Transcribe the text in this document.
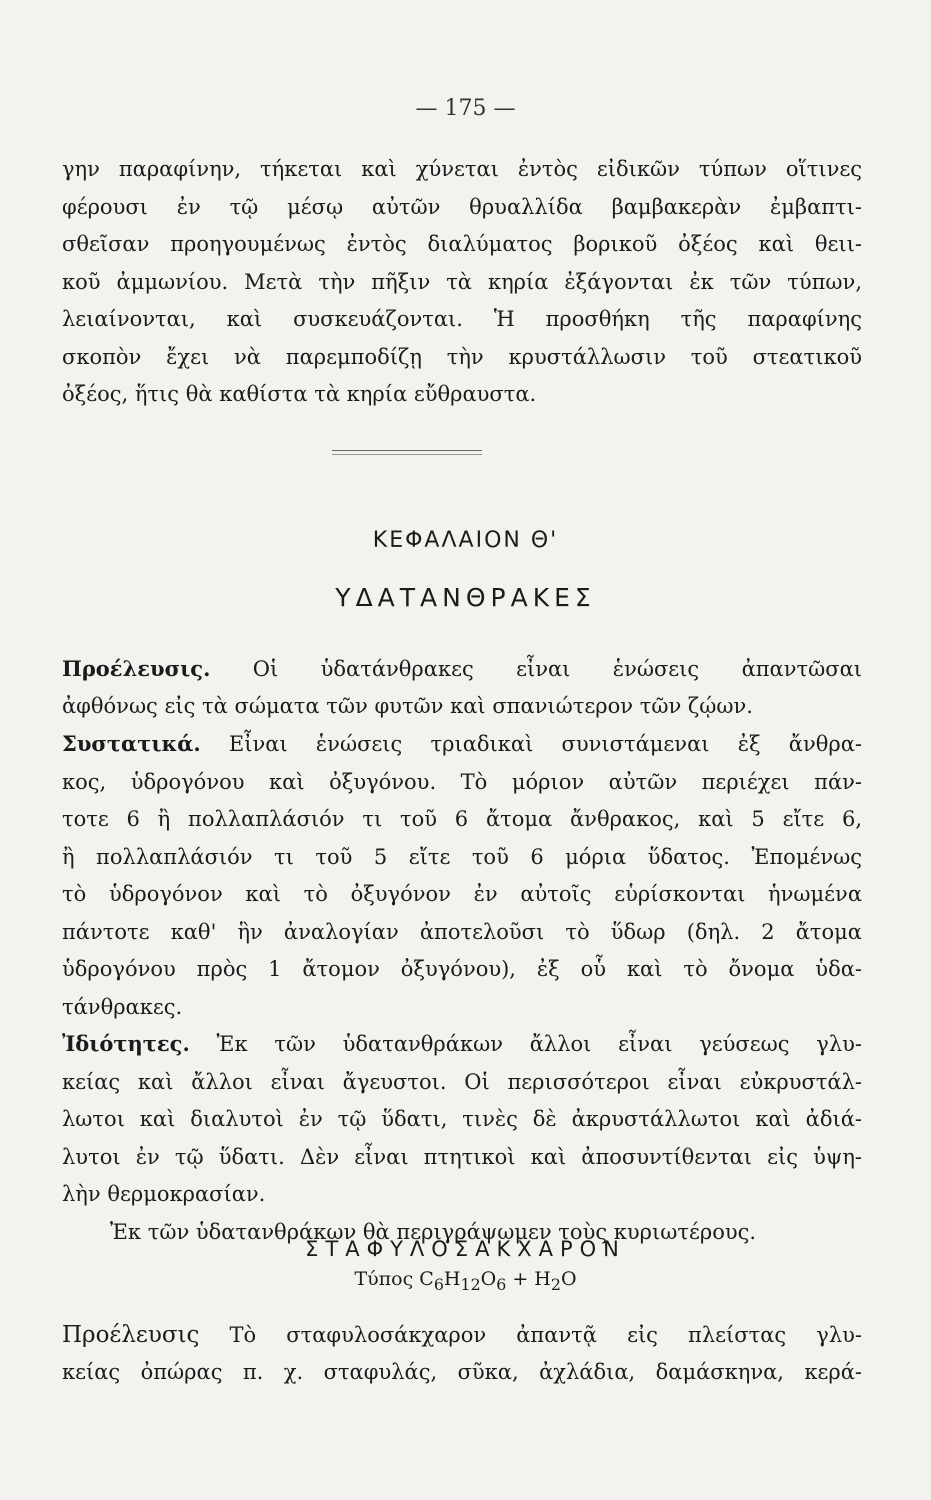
— 175 —
γην παραφίνην, τήκεται καὶ χύνεται ἐντὸς εἰδικῶν τύπων οἵτινες
φέρουσι ἐν τῷ μέσῳ αὐτῶν θρυαλλίδα βαμβακερὰν ἐμβαπτι-
σθεῖσαν προηγουμένως ἐντὸς διαλύματος βορικοῦ ὀξέος καὶ θειι-
κοῦ ἀμμωνίου. Μετὰ τὴν πῆξιν τὰ κηρία ἐξάγονται ἐκ τῶν τύπων,
λειαίνονται, καὶ συσκευάζονται. Ἡ προσθήκη τῆς παραφίνης
σκοπὸν ἔχει νὰ παρεμποδίζῃ τὴν κρυστάλλωσιν τοῦ στεατικοῦ
ὀξέος, ἥτις θὰ καθίστα τὰ κηρία εὔθραυστα.
ΚΕΦΑΛΑΙΟΝ Θ'
ΥΔΑΤΑΝΘΡΑΚΕΣ
Προέλευσις. Οἱ ὑδατάνθρακες εἶναι ἑνώσεις ἀπαντῶσαι
ἀφθόνως εἰς τὰ σώματα τῶν φυτῶν καὶ σπανιώτερον τῶν ζῴων.
Συστατικά. Εἶναι ἑνώσεις τριαδικαὶ συνιστάμεναι ἐξ ἄνθρα-
κος, ὑδρογόνου καὶ ὀξυγόνου. Τὸ μόριον αὐτῶν περιέχει πάν-
τοτε 6 ἢ πολλαπλάσιόν τι τοῦ 6 ἄτομα ἄνθρακος, καὶ 5 εἴτε 6,
ἢ πολλαπλάσιόν τι τοῦ 5 εἴτε τοῦ 6 μόρια ὕδατος. Ἐπομένως
τὸ ὑδρογόνον καὶ τὸ ὀξυγόνον ἐν αὐτοῖς εὑρίσκονται ἡνωμένα
πάντοτε καθ' ἣν ἀναλογίαν ἀποτελοῦσι τὸ ὕδωρ (δηλ. 2 ἄτομα
ὑδρογόνου πρὸς 1 ἄτομον ὀξυγόνου), ἐξ οὗ καὶ τὸ ὄνομα ὑδα-
τάνθρακες.
Ἰδιότητες. Ἐκ τῶν ὑδατανθράκων ἄλλοι εἶναι γεύσεως γλυ-
κείας καὶ ἄλλοι εἶναι ἄγευστοι. Οἱ περισσότεροι εἶναι εὐκρυστάλ-
λωτοι καὶ διαλυτοὶ ἐν τῷ ὕδατι, τινὲς δὲ ἀκρυστάλλωτοι καὶ ἀδιά-
λυτοι ἐν τῷ ὕδατι. Δὲν εἶναι πτητικοὶ καὶ ἀποσυντίθενται εἰς ὑψη-
λὴν θερμοκρασίαν.
Ἐκ τῶν ὑδατανθράκων θὰ περιγράψωμεν τοὺς κυριωτέρους.
ΣΤΑΦΥΛΟΣΑΚΧΑΡΟΝ
Τύπος $C_6H_{12}O_6 + H_2O$
Προέλευσις Τὸ σταφυλοσάκχαρον ἀπαντᾷ εἰς πλείστας γλυ-
κείας ὀπώρας π. χ. σταφυλάς, σῦκα, ἀχλάδια, δαμάσκηνα, κερά-
